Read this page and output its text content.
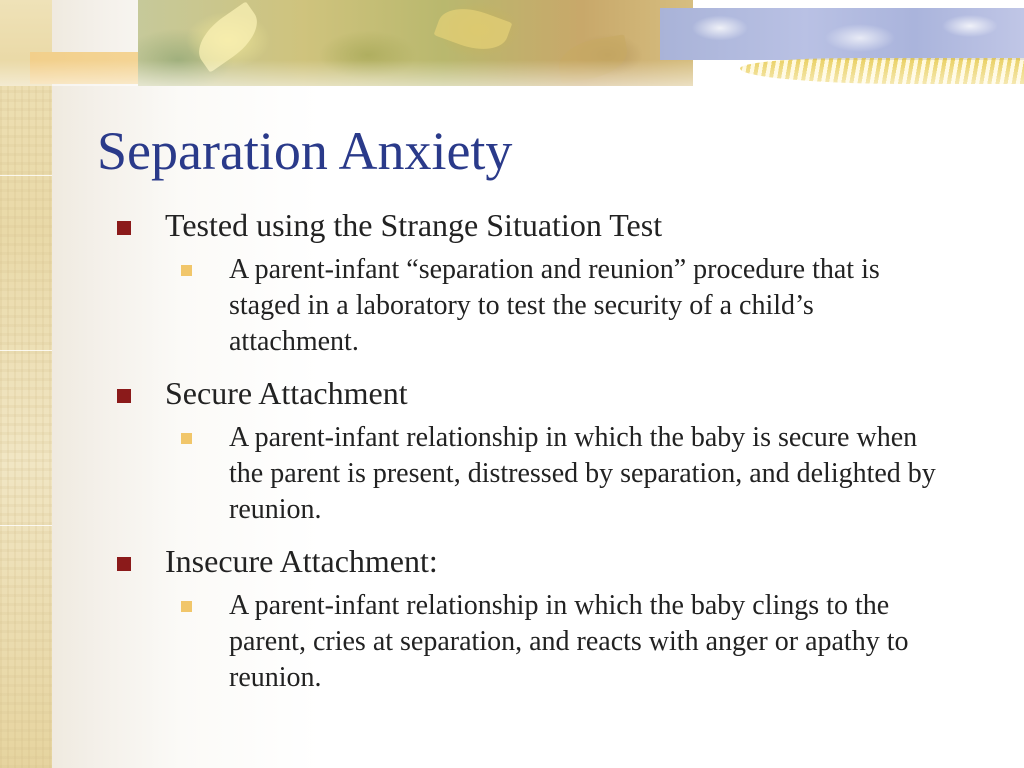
Separation Anxiety
Tested using the Strange Situation Test
A parent-infant “separation and reunion” procedure that is staged in a laboratory to test the security of a child’s attachment.
Secure Attachment
A parent-infant relationship in which the baby is secure when the parent is present, distressed by separation, and delighted by reunion.
Insecure Attachment:
A parent-infant relationship in which the baby clings to the parent, cries at separation, and reacts with anger or apathy to reunion.
